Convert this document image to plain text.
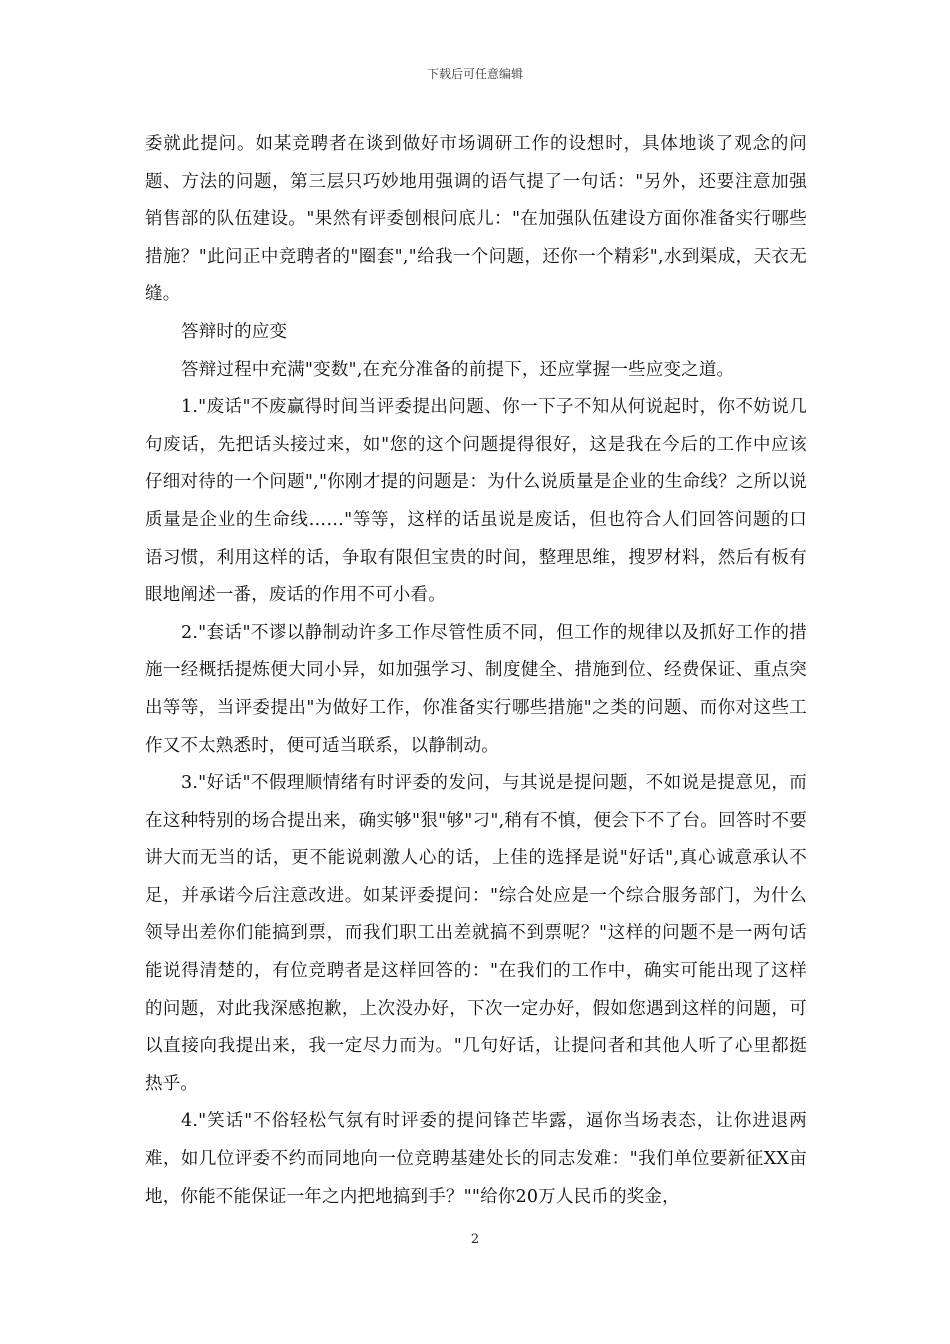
下载后可任意编辑

委就此提问。如某竞聘者在谈到做好市场调研工作的设想时，具体地谈了观念的问题、方法的问题，第三层只巧妙地用强调的语气提了一句话："另外，还要注意加强销售部的队伍建设。"果然有评委刨根问底儿："在加强队伍建设方面你准备实行哪些措施？"此问正中竞聘者的"圈套","给我一个问题，还你一个精彩",水到渠成，天衣无缝。

答辩时的应变

答辩过程中充满"变数",在充分准备的前提下，还应掌握一些应变之道。

1."废话"不废赢得时间当评委提出问题、你一下子不知从何说起时，你不妨说几句废话，先把话头接过来，如"您的这个问题提得很好，这是我在今后的工作中应该仔细对待的一个问题","你刚才提的问题是：为什么说质量是企业的生命线？之所以说质量是企业的生命线……"等等，这样的话虽说是废话，但也符合人们回答问题的口语习惯，利用这样的话，争取有限但宝贵的时间，整理思维，搜罗材料，然后有板有眼地阐述一番，废话的作用不可小看。

2."套话"不谬以静制动许多工作尽管性质不同，但工作的规律以及抓好工作的措施一经概括提炼便大同小异，如加强学习、制度健全、措施到位、经费保证、重点突出等等，当评委提出"为做好工作，你准备实行哪些措施"之类的问题、而你对这些工作又不太熟悉时，便可适当联系，以静制动。

3."好话"不假理顺情绪有时评委的发问，与其说是提问题，不如说是提意见，而在这种特别的场合提出来，确实够"狠"够"刁",稍有不慎，便会下不了台。回答时不要讲大而无当的话，更不能说刺激人心的话，上佳的选择是说"好话",真心诚意承认不足，并承诺今后注意改进。如某评委提问："综合处应是一个综合服务部门，为什么领导出差你们能搞到票，而我们职工出差就搞不到票呢？"这样的问题不是一两句话能说得清楚的，有位竞聘者是这样回答的："在我们的工作中，确实可能出现了这样的问题，对此我深感抱歉，上次没办好，下次一定办好，假如您遇到这样的问题，可以直接向我提出来，我一定尽力而为。"几句好话，让提问者和其他人听了心里都挺热乎。

4."笑话"不俗轻松气氛有时评委的提问锋芒毕露，逼你当场表态，让你进退两难，如几位评委不约而同地向一位竞聘基建处长的同志发难："我们单位要新征XX亩地，你能不能保证一年之内把地搞到手？""给你20万人民币的奖金，

2
